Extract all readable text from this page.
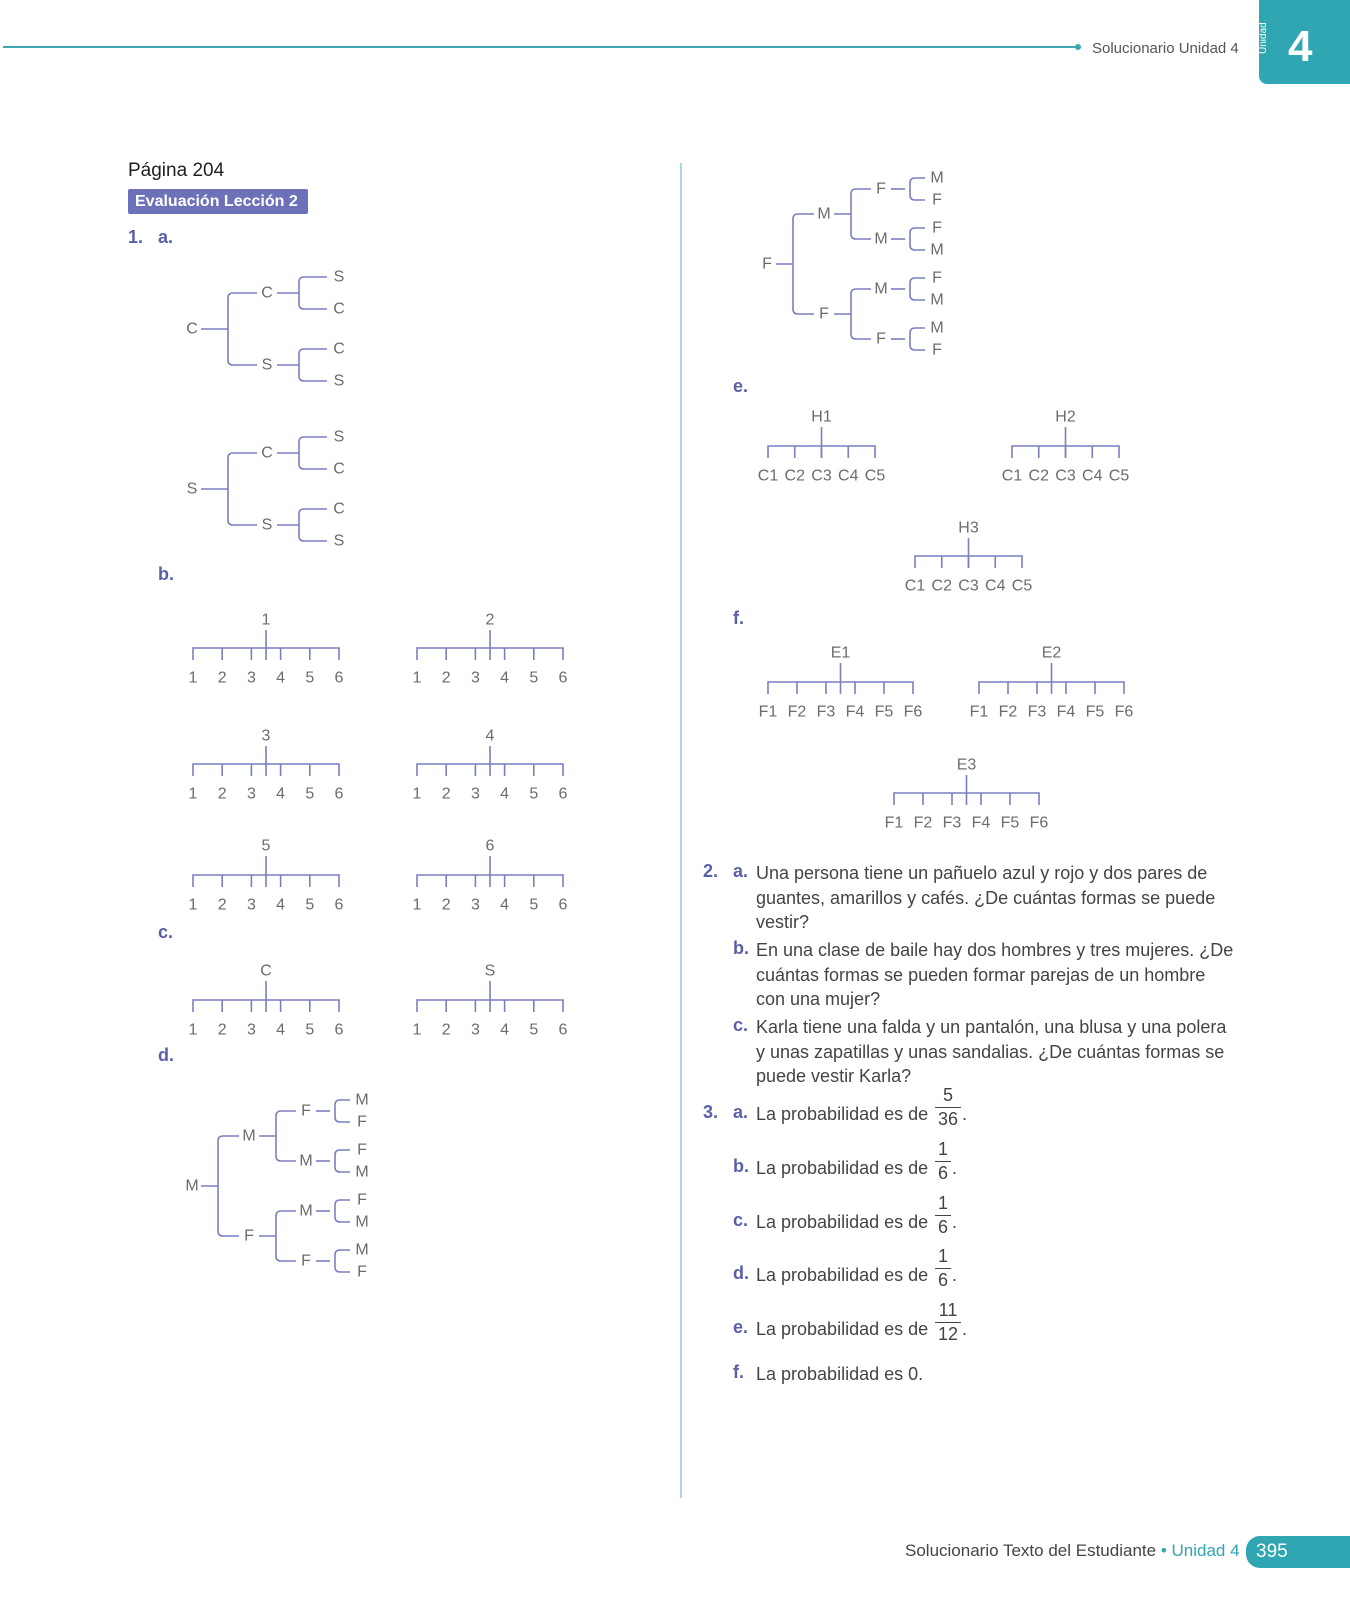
Solucionario Unidad 4 Unidad 4
Página 204
Evaluación Lección 2
1. a.
b.
c.
d.
e.
f.
C
C
S
C
S
C
S
S
C
S
C
S
C
S
F
M
F
M
F
M
F
M
F
M
F
M
F
M
F
M
M
F
M
F
M
F
M
F
M
F
M
F
M
F
1
1 2 3 4 5 6
2
1 2 3 4 5 6
3
1 2 3 4 5 6
4
1 2 3 4 5 6
5
1 2 3 4 5 6
6
1 2 3 4 5 6
C
1 2 3 4 5 6
S
1 2 3 4 5 6
H1
C1 C2 C3 C4 C5
H2
C1 C2 C3 C4 C5
H3
C1 C2 C3 C4 C5
E1
F1 F2 F3 F4 F5 F6
E2
F1 F2 F3 F4 F5 F6
E3
F1 F2 F3 F4 F5 F6
2. a. Una persona tiene un pañuelo azul y rojo y dos pares de guantes, amarillos y cafés. ¿De cuántas formas se puede vestir?
b. En una clase de baile hay dos hombres y tres mujeres. ¿De cuántas formas se pueden formar parejas de un hombre con una mujer?
c. Karla tiene una falda y un pantalón, una blusa y una polera y unas zapatillas y unas sandalias. ¿De cuántas formas se puede vestir Karla?
3. a. La probabilidad es de
5
36 .
b. La probabilidad es de
1
6 .
c. La probabilidad es de
1
6 .
d. La probabilidad es de
1
6 .
e. La probabilidad es de
11
12 .
f. La probabilidad es 0.
Solucionario Texto del Estudiante • Unidad 4 395
